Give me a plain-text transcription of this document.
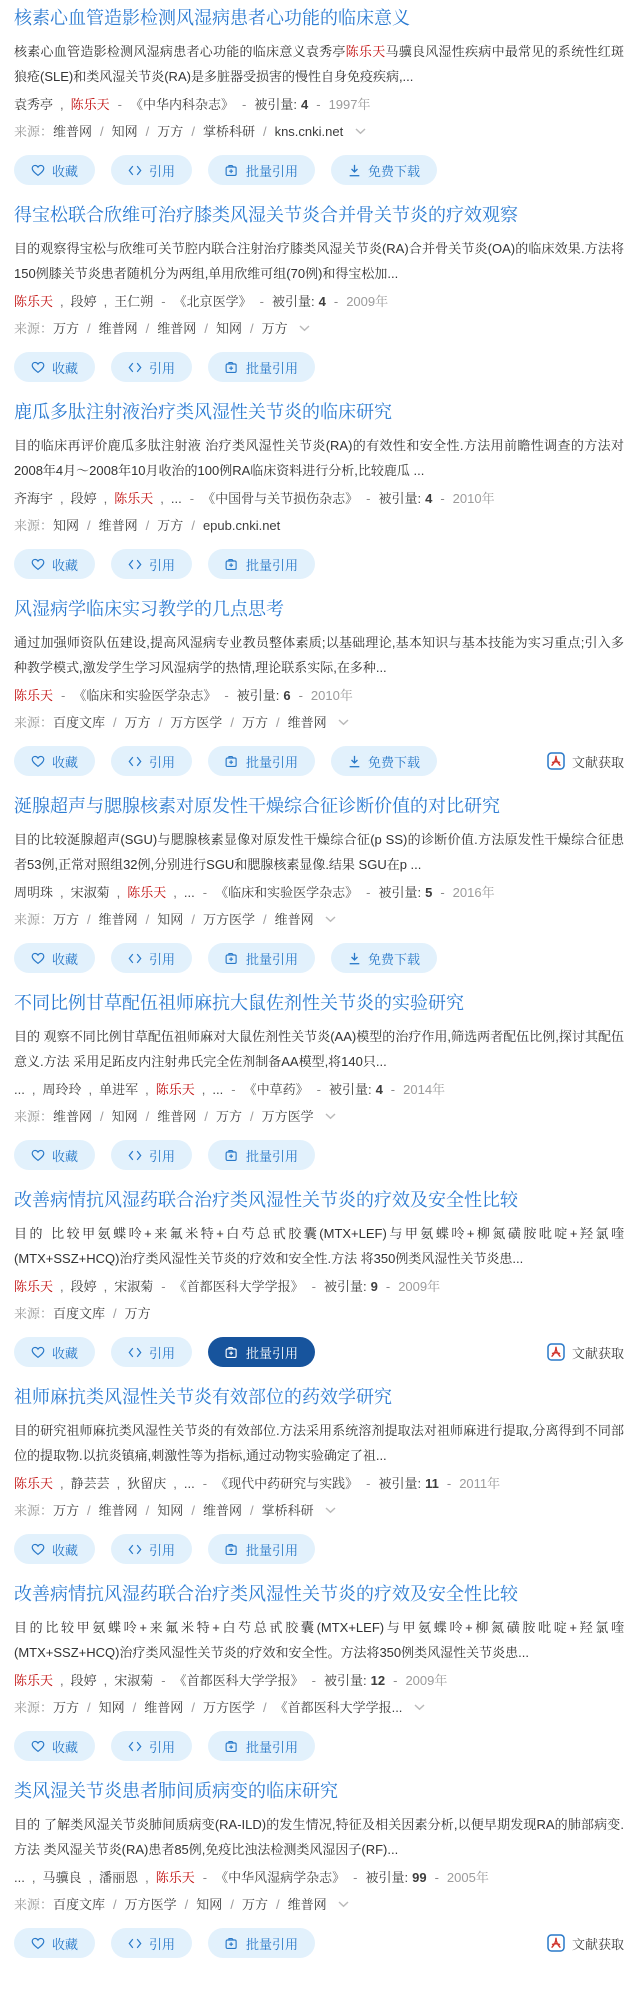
核素心血管造影检测风湿病患者心功能的临床意义

核素心血管造影检测风湿病患者心功能的临床意义袁秀亭陈乐天马骥良风湿性疾病中最常见的系统性红斑狼疮(SLE)和类风湿关节炎(RA)是多脏器受损害的慢性自身免疫疾病,...

袁秀亭 , 陈乐天 - 《中华内科杂志》 - 被引量: 4 - 1997年
来源：维普网 / 知网 / 万方 / 掌桥科研 / kns.cnki.net
收藏	引用	批量引用	免费下载
得宝松联合欣维可治疗膝类风湿关节炎合并骨关节炎的疗效观察

目的观察得宝松与欣维可关节腔内联合注射治疗膝类风湿关节炎(RA)合并骨关节炎(OA)的临床效果.方法将150例膝关节炎患者随机分为两组,单用欣维可组(70例)和得宝松加...

陈乐天 , 段婷 , 王仁朔 - 《北京医学》 - 被引量: 4 - 2009年
来源：万方 / 维普网 / 维普网 / 知网 / 万方
收藏	引用	批量引用
鹿瓜多肽注射液治疗类风湿性关节炎的临床研究

目的临床再评价鹿瓜多肽注射液 治疗类风湿性关节炎(RA)的有效性和安全性.方法用前瞻性调查的方法对2008年4月～2008年10月收治的100例RA临床资料进行分析,比较鹿瓜 ...

齐海宇 , 段婷 , 陈乐天 , ... - 《中国骨与关节损伤杂志》 - 被引量: 4 - 2010年
来源：知网 / 维普网 / 万方 / epub.cnki.net
收藏	引用	批量引用
风湿病学临床实习教学的几点思考

通过加强师资队伍建设,提高风湿病专业教员整体素质;以基础理论,基本知识与基本技能为实习重点;引入多种教学模式,激发学生学习风湿病学的热情,理论联系实际,在多种...

陈乐天 - 《临床和实验医学杂志》 - 被引量: 6 - 2010年
来源：百度文库 / 万方 / 万方医学 / 万方 / 维普网
收藏	引用	批量引用	免费下载	文献获取
涎腺超声与腮腺核素对原发性干燥综合征诊断价值的对比研究

目的比较涎腺超声(SGU)与腮腺核素显像对原发性干燥综合征(p SS)的诊断价值.方法原发性干燥综合征患者53例,正常对照组32例,分别进行SGU和腮腺核素显像.结果 SGU在p ...

周明珠 , 宋淑菊 , 陈乐天 , ... - 《临床和实验医学杂志》 - 被引量: 5 - 2016年
来源：万方 / 维普网 / 知网 / 万方医学 / 维普网
收藏	引用	批量引用	免费下载
不同比例甘草配伍祖师麻抗大鼠佐剂性关节炎的实验研究

目的 观察不同比例甘草配伍祖师麻对大鼠佐剂性关节炎(AA)模型的治疗作用,筛选两者配伍比例,探讨其配伍意义.方法 采用足跖皮内注射弗氏完全佐剂制备AA模型,将140只...

... , 周玲玲 , 单进军 , 陈乐天 , ... - 《中草药》 - 被引量: 4 - 2014年
来源：维普网 / 知网 / 维普网 / 万方 / 万方医学
收藏	引用	批量引用
改善病情抗风湿药联合治疗类风湿性关节炎的疗效及安全性比较

目的 比较甲氨蝶呤+来氟米特+白芍总甙胶囊(MTX+LEF)与甲氨蝶呤+柳氮磺胺吡啶+羟氯喹(MTX+SSZ+HCQ)治疗类风湿性关节炎的疗效和安全性.方法 将350例类风湿性关节炎患...

陈乐天 , 段婷 , 宋淑菊 - 《首都医科大学学报》 - 被引量: 9 - 2009年
来源：百度文库 / 万方
收藏	引用	批量引用	文献获取
祖师麻抗类风湿性关节炎有效部位的药效学研究

目的研究祖师麻抗类风湿性关节炎的有效部位.方法采用系统溶剂提取法对祖师麻进行提取,分离得到不同部位的提取物.以抗炎镇痛,刺激性等为指标,通过动物实验确定了祖...

陈乐天 , 静芸芸 , 狄留庆 , ... - 《现代中药研究与实践》 - 被引量: 11 - 2011年
来源：万方 / 维普网 / 知网 / 维普网 / 掌桥科研
收藏	引用	批量引用
改善病情抗风湿药联合治疗类风湿性关节炎的疗效及安全性比较

目的比较甲氨蝶呤+来氟米特+白芍总甙胶囊(MTX+LEF)与甲氨蝶呤+柳氮磺胺吡啶+羟氯喹(MTX+SSZ+HCQ)治疗类风湿性关节炎的疗效和安全性。方法将350例类风湿性关节炎患...

陈乐天 , 段婷 , 宋淑菊 - 《首都医科大学学报》 - 被引量: 12 - 2009年
来源：万方 / 知网 / 维普网 / 万方医学 / 《首都医科大学学报...
收藏	引用	批量引用
类风湿关节炎患者肺间质病变的临床研究

目的 了解类风湿关节炎肺间质病变(RA-ILD)的发生情况,特征及相关因素分析,以便早期发现RA的肺部病变.方法 类风湿关节炎(RA)患者85例,免疫比浊法检测类风湿因子(RF)...

... , 马骥良 , 潘丽恩 , 陈乐天 - 《中华风湿病学杂志》 - 被引量: 99 - 2005年
来源：百度文库 / 万方医学 / 知网 / 万方 / 维普网
收藏	引用	批量引用	文献获取
